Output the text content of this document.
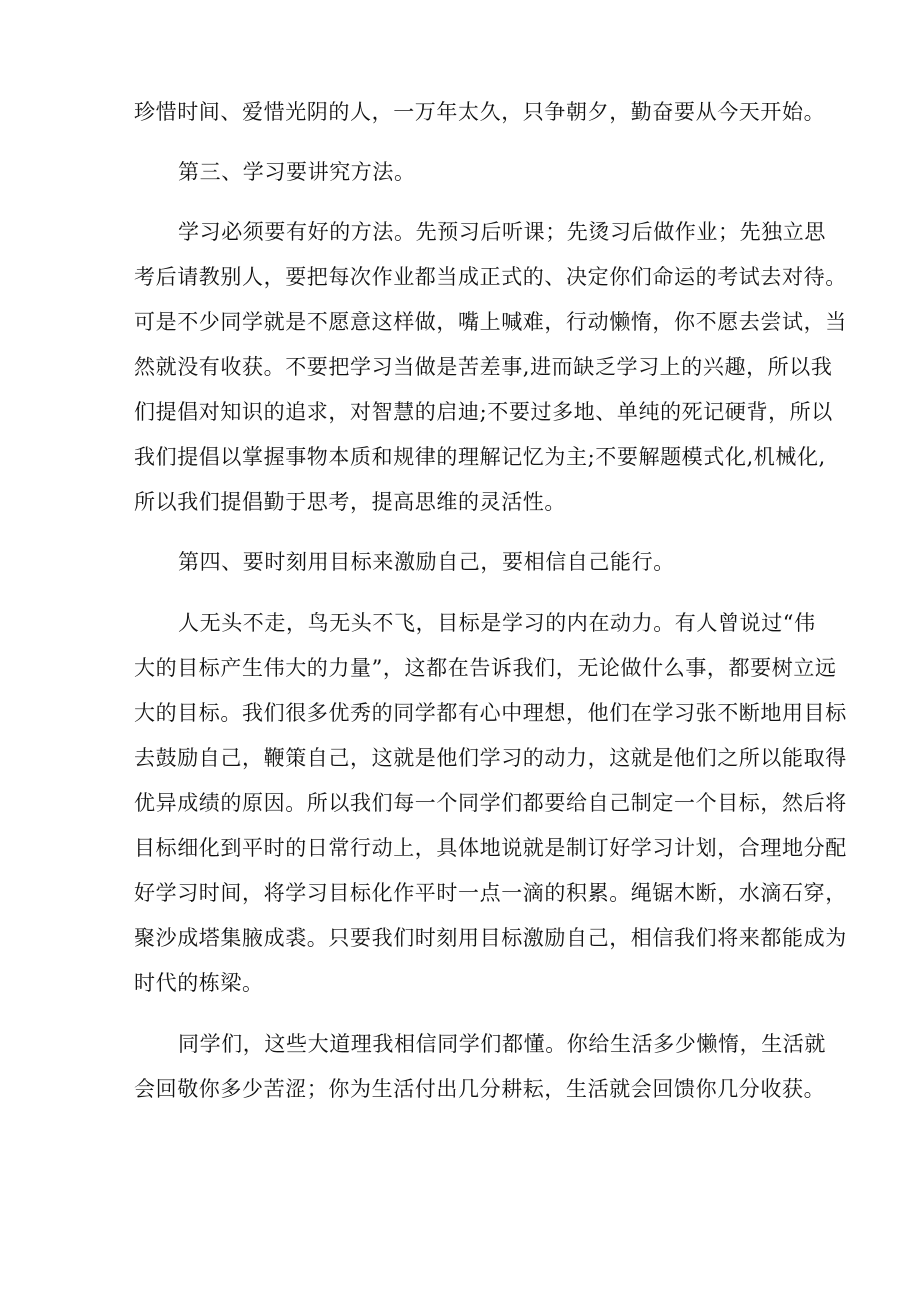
珍惜时间、爱惜光阴的人，一万年太久，只争朝夕，勤奋要从今天开始。
第三、学习要讲究方法。
学习必须要有好的方法。先预习后听课；先烫习后做作业；先独立思
考后请教别人，要把每次作业都当成正式的、决定你们命运的考试去对待。
可是不少同学就是不愿意这样做，嘴上喊难，行动懒惰，你不愿去尝试，当
然就没有收获。不要把学习当做是苦差事,进而缺乏学习上的兴趣，所以我
们提倡对知识的追求，对智慧的启迪;不要过多地、单纯的死记硬背，所以
我们提倡以掌握事物本质和规律的理解记忆为主;不要解题模式化,机械化,
所以我们提倡勤于思考，提高思维的灵活性。
第四、要时刻用目标来激励自己，要相信自己能行。
人无头不走，鸟无头不飞，目标是学习的内在动力。有人曾说过“伟
大的目标产生伟大的力量”，这都在告诉我们，无论做什么事，都要树立远
大的目标。我们很多优秀的同学都有心中理想，他们在学习张不断地用目标
去鼓励自己，鞭策自己，这就是他们学习的动力，这就是他们之所以能取得
优异成绩的原因。所以我们每一个同学们都要给自己制定一个目标，然后将
目标细化到平时的日常行动上，具体地说就是制订好学习计划，合理地分配
好学习时间，将学习目标化作平时一点一滴的积累。绳锯木断，水滴石穿，
聚沙成塔集腋成裘。只要我们时刻用目标激励自己，相信我们将来都能成为
时代的栋梁。
同学们，这些大道理我相信同学们都懂。你给生活多少懒惰，生活就
会回敬你多少苦涩；你为生活付出几分耕耘，生活就会回馈你几分收获。
